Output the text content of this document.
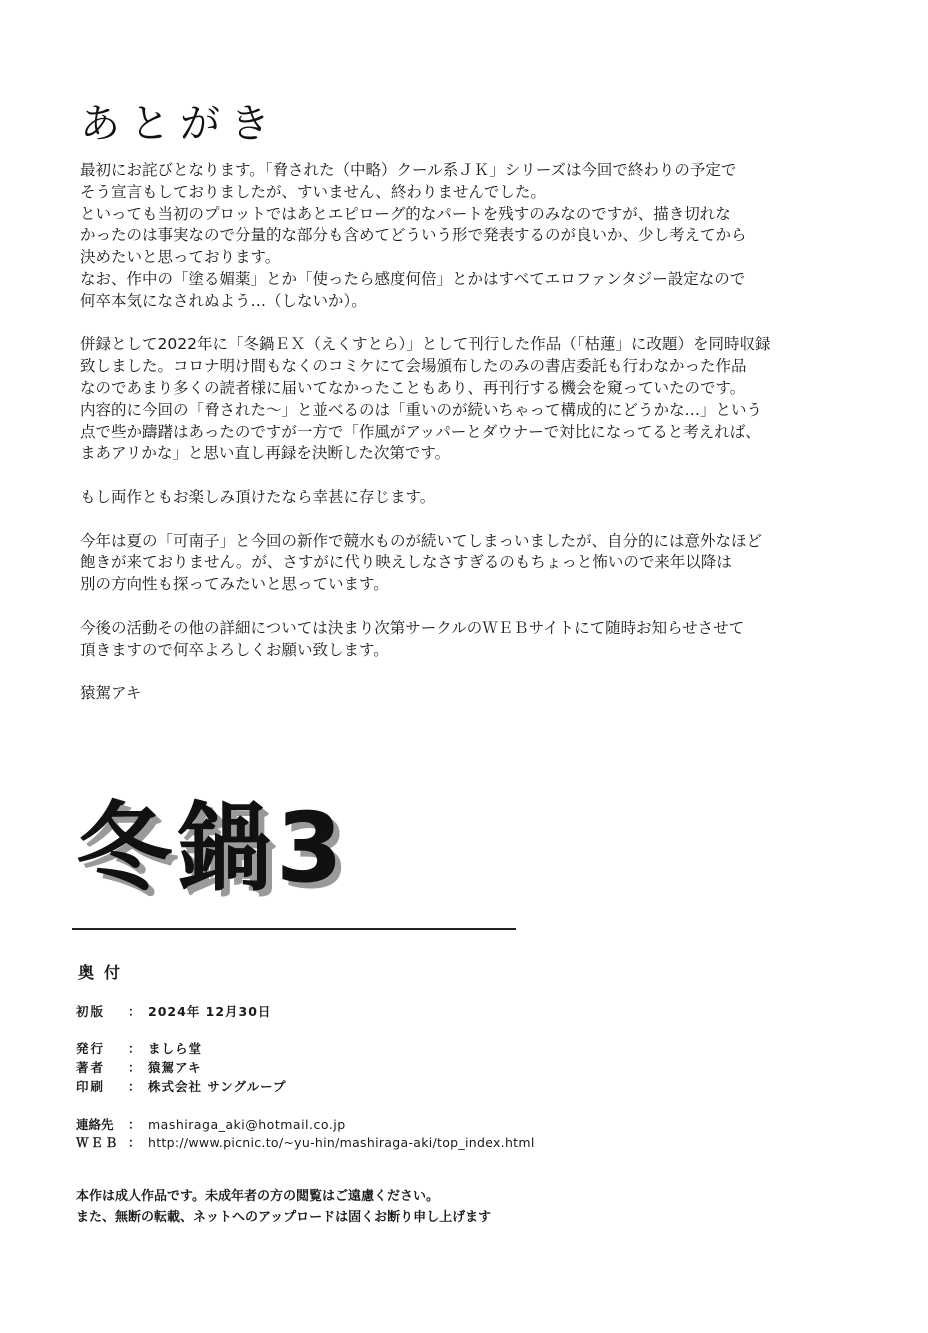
あとがき

最初にお詫びとなります。「脅された（中略）クール系ＪＫ」シリーズは今回で終わりの予定で
そう宣言もしておりましたが、すいません、終わりませんでした。
といっても当初のプロットではあとエピローグ的なパートを残すのみなのですが、描き切れな
かったのは事実なので分量的な部分も含めてどういう形で発表するのが良いか、少し考えてから
決めたいと思っております。
なお、作中の「塗る媚薬」とか「使ったら感度何倍」とかはすべてエロファンタジー設定なので
何卒本気になされぬよう…（しないか）。

併録として2022年に「冬鍋ＥＸ（えくすとら）」として刊行した作品（「枯蓮」に改題）を同時収録
致しました。コロナ明け間もなくのコミケにて会場頒布したのみの書店委託も行わなかった作品
なのであまり多くの読者様に届いてなかったこともあり、再刊行する機会を窺っていたのです。
内容的に今回の「脅された～」と並べるのは「重いのが続いちゃって構成的にどうかな…」という
点で些か躊躇はあったのですが一方で「作風がアッパーとダウナーで対比になってると考えれば、
まあアリかな」と思い直し再録を決断した次第です。

もし両作ともお楽しみ頂けたなら幸甚に存じます。

今年は夏の「可南子」と今回の新作で競水ものが続いてしまっいましたが、自分的には意外なほど
飽きが来ておりません。が、さすがに代り映えしなさすぎるのもちょっと怖いので来年以降は
別の方向性も探ってみたいと思っています。

今後の活動その他の詳細については決まり次第サークルのＷＥＢサイトにて随時お知らせさせて
頂きますので何卒よろしくお願い致します。

猿駕アキ

冬鍋3
奥付
初版	： 2024年 12月30日
発行	： ましら堂
著者	： 猿駕アキ
印刷	： 株式会社 サングループ
連絡先	： mashiraga_aki@hotmail.co.jp
ＷＥＢ ： http://www.picnic.to/~yu-hin/mashiraga-aki/top_index.html
本作は成人作品です。未成年者の方の閲覧はご遠慮ください。
また、無断の転載、ネットへのアップロードは固くお断り申し上げます
